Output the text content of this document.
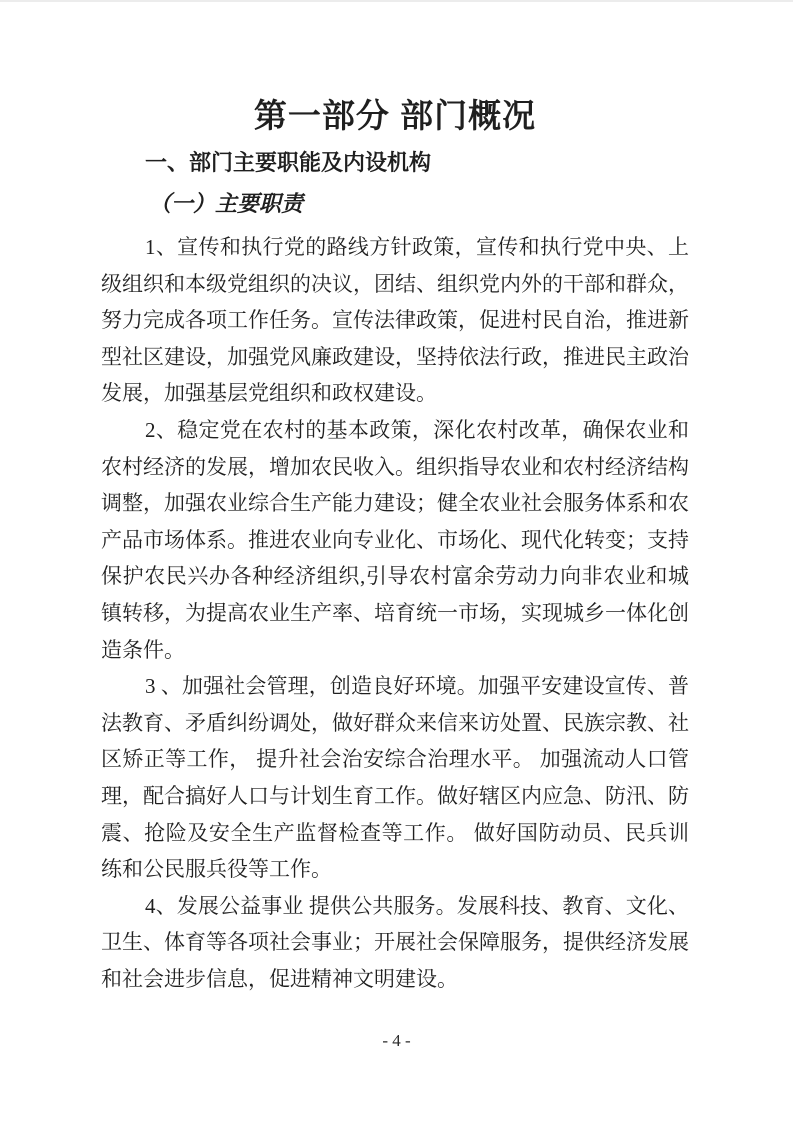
第一部分 部门概况
一、部门主要职能及内设机构
（一）主要职责

1、宣传和执行党的路线方针政策，宣传和执行党中央、上级组织和本级党组织的决议，团结、组织党内外的干部和群众，努力完成各项工作任务。宣传法律政策，促进村民自治，推进新型社区建设，加强党风廉政建设，坚持依法行政，推进民主政治发展，加强基层党组织和政权建设。

2、稳定党在农村的基本政策，深化农村改革，确保农业和农村经济的发展，增加农民收入。组织指导农业和农村经济结构调整，加强农业综合生产能力建设；健全农业社会服务体系和农产品市场体系。推进农业向专业化、市场化、现代化转变；支持保护农民兴办各种经济组织,引导农村富余劳动力向非农业和城镇转移，为提高农业生产率、培育统一市场，实现城乡一体化创造条件。

3 、加强社会管理，创造良好环境。加强平安建设宣传、普法教育、矛盾纠纷调处，做好群众来信来访处置、民族宗教、社区矫正等工作， 提升社会治安综合治理水平。 加强流动人口管理，配合搞好人口与计划生育工作。做好辖区内应急、防汛、防震、抢险及安全生产监督检查等工作。 做好国防动员、民兵训练和公民服兵役等工作。

4、发展公益事业 提供公共服务。发展科技、教育、文化、卫生、体育等各项社会事业；开展社会保障服务，提供经济发展和社会进步信息，促进精神文明建设。

- 4 -
